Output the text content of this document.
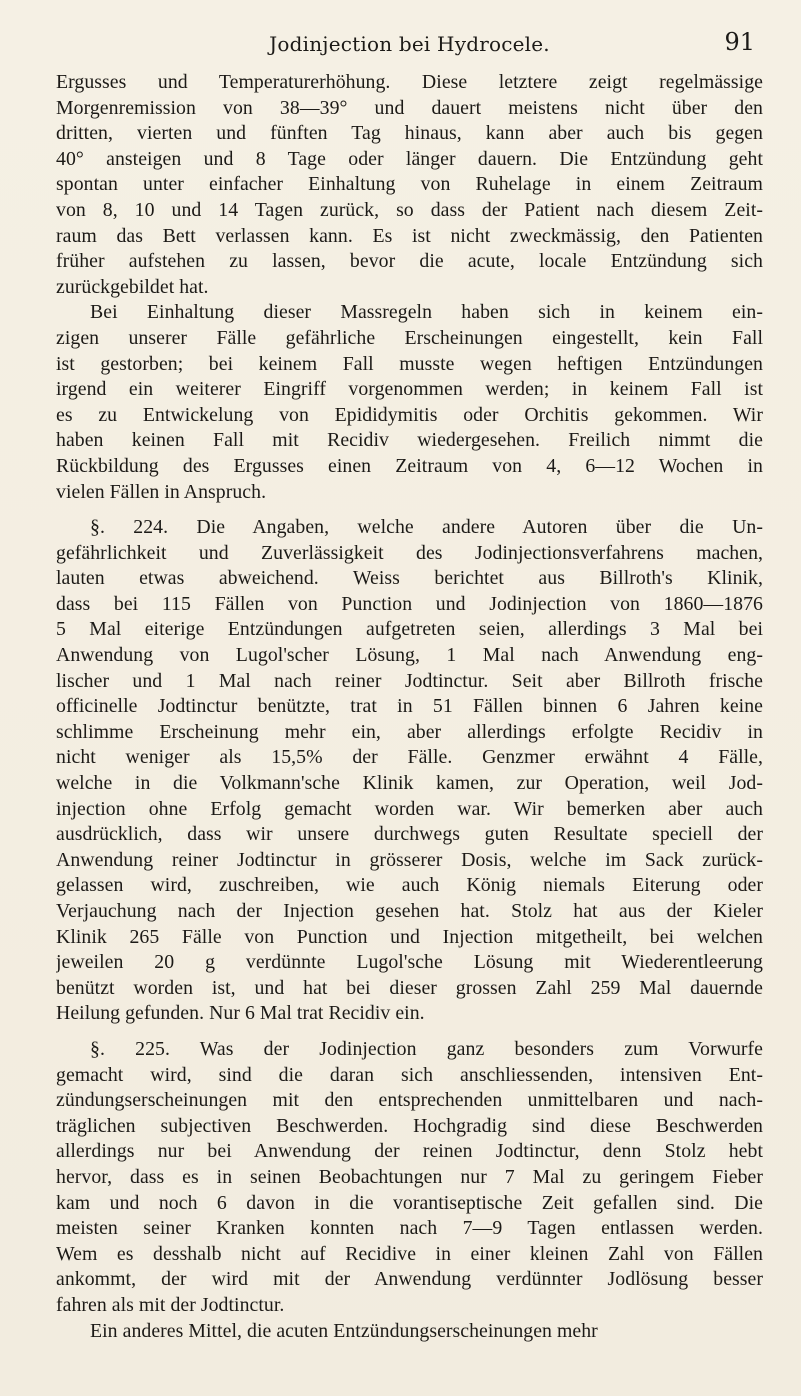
Jodinjection bei Hydrocele.	91
Ergusses und Temperaturerhöhung. Diese letztere zeigt regelmässige
Morgenremission von 38—39° und dauert meistens nicht über den
dritten, vierten und fünften Tag hinaus, kann aber auch bis gegen
40° ansteigen und 8 Tage oder länger dauern. Die Entzündung geht
spontan unter einfacher Einhaltung von Ruhelage in einem Zeitraum
von 8, 10 und 14 Tagen zurück, so dass der Patient nach diesem Zeit-
raum das Bett verlassen kann. Es ist nicht zweckmässig, den Patienten
früher aufstehen zu lassen, bevor die acute, locale Entzündung sich
zurückgebildet hat.
Bei Einhaltung dieser Massregeln haben sich in keinem ein-
zigen unserer Fälle gefährliche Erscheinungen eingestellt, kein Fall
ist gestorben; bei keinem Fall musste wegen heftigen Entzündungen
irgend ein weiterer Eingriff vorgenommen werden; in keinem Fall ist
es zu Entwickelung von Epididymitis oder Orchitis gekommen. Wir
haben keinen Fall mit Recidiv wiedergesehen. Freilich nimmt die
Rückbildung des Ergusses einen Zeitraum von 4, 6—12 Wochen in
vielen Fällen in Anspruch.
§. 224. Die Angaben, welche andere Autoren über die Un-
gefährlichkeit und Zuverlässigkeit des Jodinjectionsverfahrens machen,
lauten etwas abweichend. Weiss berichtet aus Billroth's Klinik,
dass bei 115 Fällen von Punction und Jodinjection von 1860—1876
5 Mal eiterige Entzündungen aufgetreten seien, allerdings 3 Mal bei
Anwendung von Lugol'scher Lösung, 1 Mal nach Anwendung eng-
lischer und 1 Mal nach reiner Jodtinctur. Seit aber Billroth frische
officinelle Jodtinctur benützte, trat in 51 Fällen binnen 6 Jahren keine
schlimme Erscheinung mehr ein, aber allerdings erfolgte Recidiv in
nicht weniger als 15,5% der Fälle. Genzmer erwähnt 4 Fälle,
welche in die Volkmann'sche Klinik kamen, zur Operation, weil Jod-
injection ohne Erfolg gemacht worden war. Wir bemerken aber auch
ausdrücklich, dass wir unsere durchwegs guten Resultate speciell der
Anwendung reiner Jodtinctur in grösserer Dosis, welche im Sack zurück-
gelassen wird, zuschreiben, wie auch König niemals Eiterung oder
Verjauchung nach der Injection gesehen hat. Stolz hat aus der Kieler
Klinik 265 Fälle von Punction und Injection mitgetheilt, bei welchen
jeweilen 20 g verdünnte Lugol'sche Lösung mit Wiederentleerung
benützt worden ist, und hat bei dieser grossen Zahl 259 Mal dauernde
Heilung gefunden. Nur 6 Mal trat Recidiv ein.
§. 225. Was der Jodinjection ganz besonders zum Vorwurfe
gemacht wird, sind die daran sich anschliessenden, intensiven Ent-
zündungserscheinungen mit den entsprechenden unmittelbaren und nach-
träglichen subjectiven Beschwerden. Hochgradig sind diese Beschwerden
allerdings nur bei Anwendung der reinen Jodtinctur, denn Stolz hebt
hervor, dass es in seinen Beobachtungen nur 7 Mal zu geringem Fieber
kam und noch 6 davon in die vorantiseptische Zeit gefallen sind. Die
meisten seiner Kranken konnten nach 7—9 Tagen entlassen werden.
Wem es desshalb nicht auf Recidive in einer kleinen Zahl von Fällen
ankommt, der wird mit der Anwendung verdünnter Jodlösung besser
fahren als mit der Jodtinctur.
Ein anderes Mittel, die acuten Entzündungserscheinungen mehr
